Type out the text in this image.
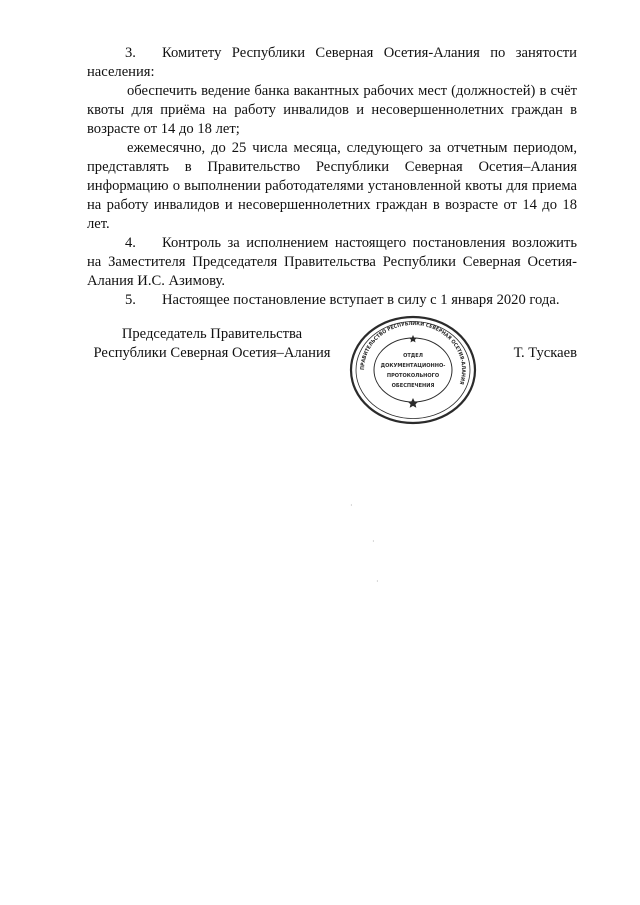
3. Комитету Республики Северная Осетия-Алания по занятости населения:

обеспечить ведение банка вакантных рабочих мест (должностей) в счёт квоты для приёма на работу инвалидов и несовершеннолетних граждан в возрасте от 14 до 18 лет;

ежемесячно, до 25 числа месяца, следующего за отчетным периодом, представлять в Правительство Республики Северная Осетия–Алания информацию о выполнении работодателями установленной квоты для приема на работу инвалидов и несовершеннолетних граждан в возрасте от 14 до 18 лет.

4. Контроль за исполнением настоящего постановления возложить на Заместителя Председателя Правительства Республики Северная Осетия-Алания И.С. Азимову.

5. Настоящее постановление вступает в силу с 1 января 2020 года.

Председатель Правительства
Республики Северная Осетия–Алания	Т. Тускаев
ПРАВИТЕЛЬСТВО РЕСПУБЛИКИ СЕВЕРНАЯ ОСЕТИЯ-АЛАНИЯ
ОТДЕЛ
ДОКУМЕНТАЦИОННО-
ПРОТОКОЛЬНОГО
ОБЕСПЕЧЕНИЯ
·
·
·
